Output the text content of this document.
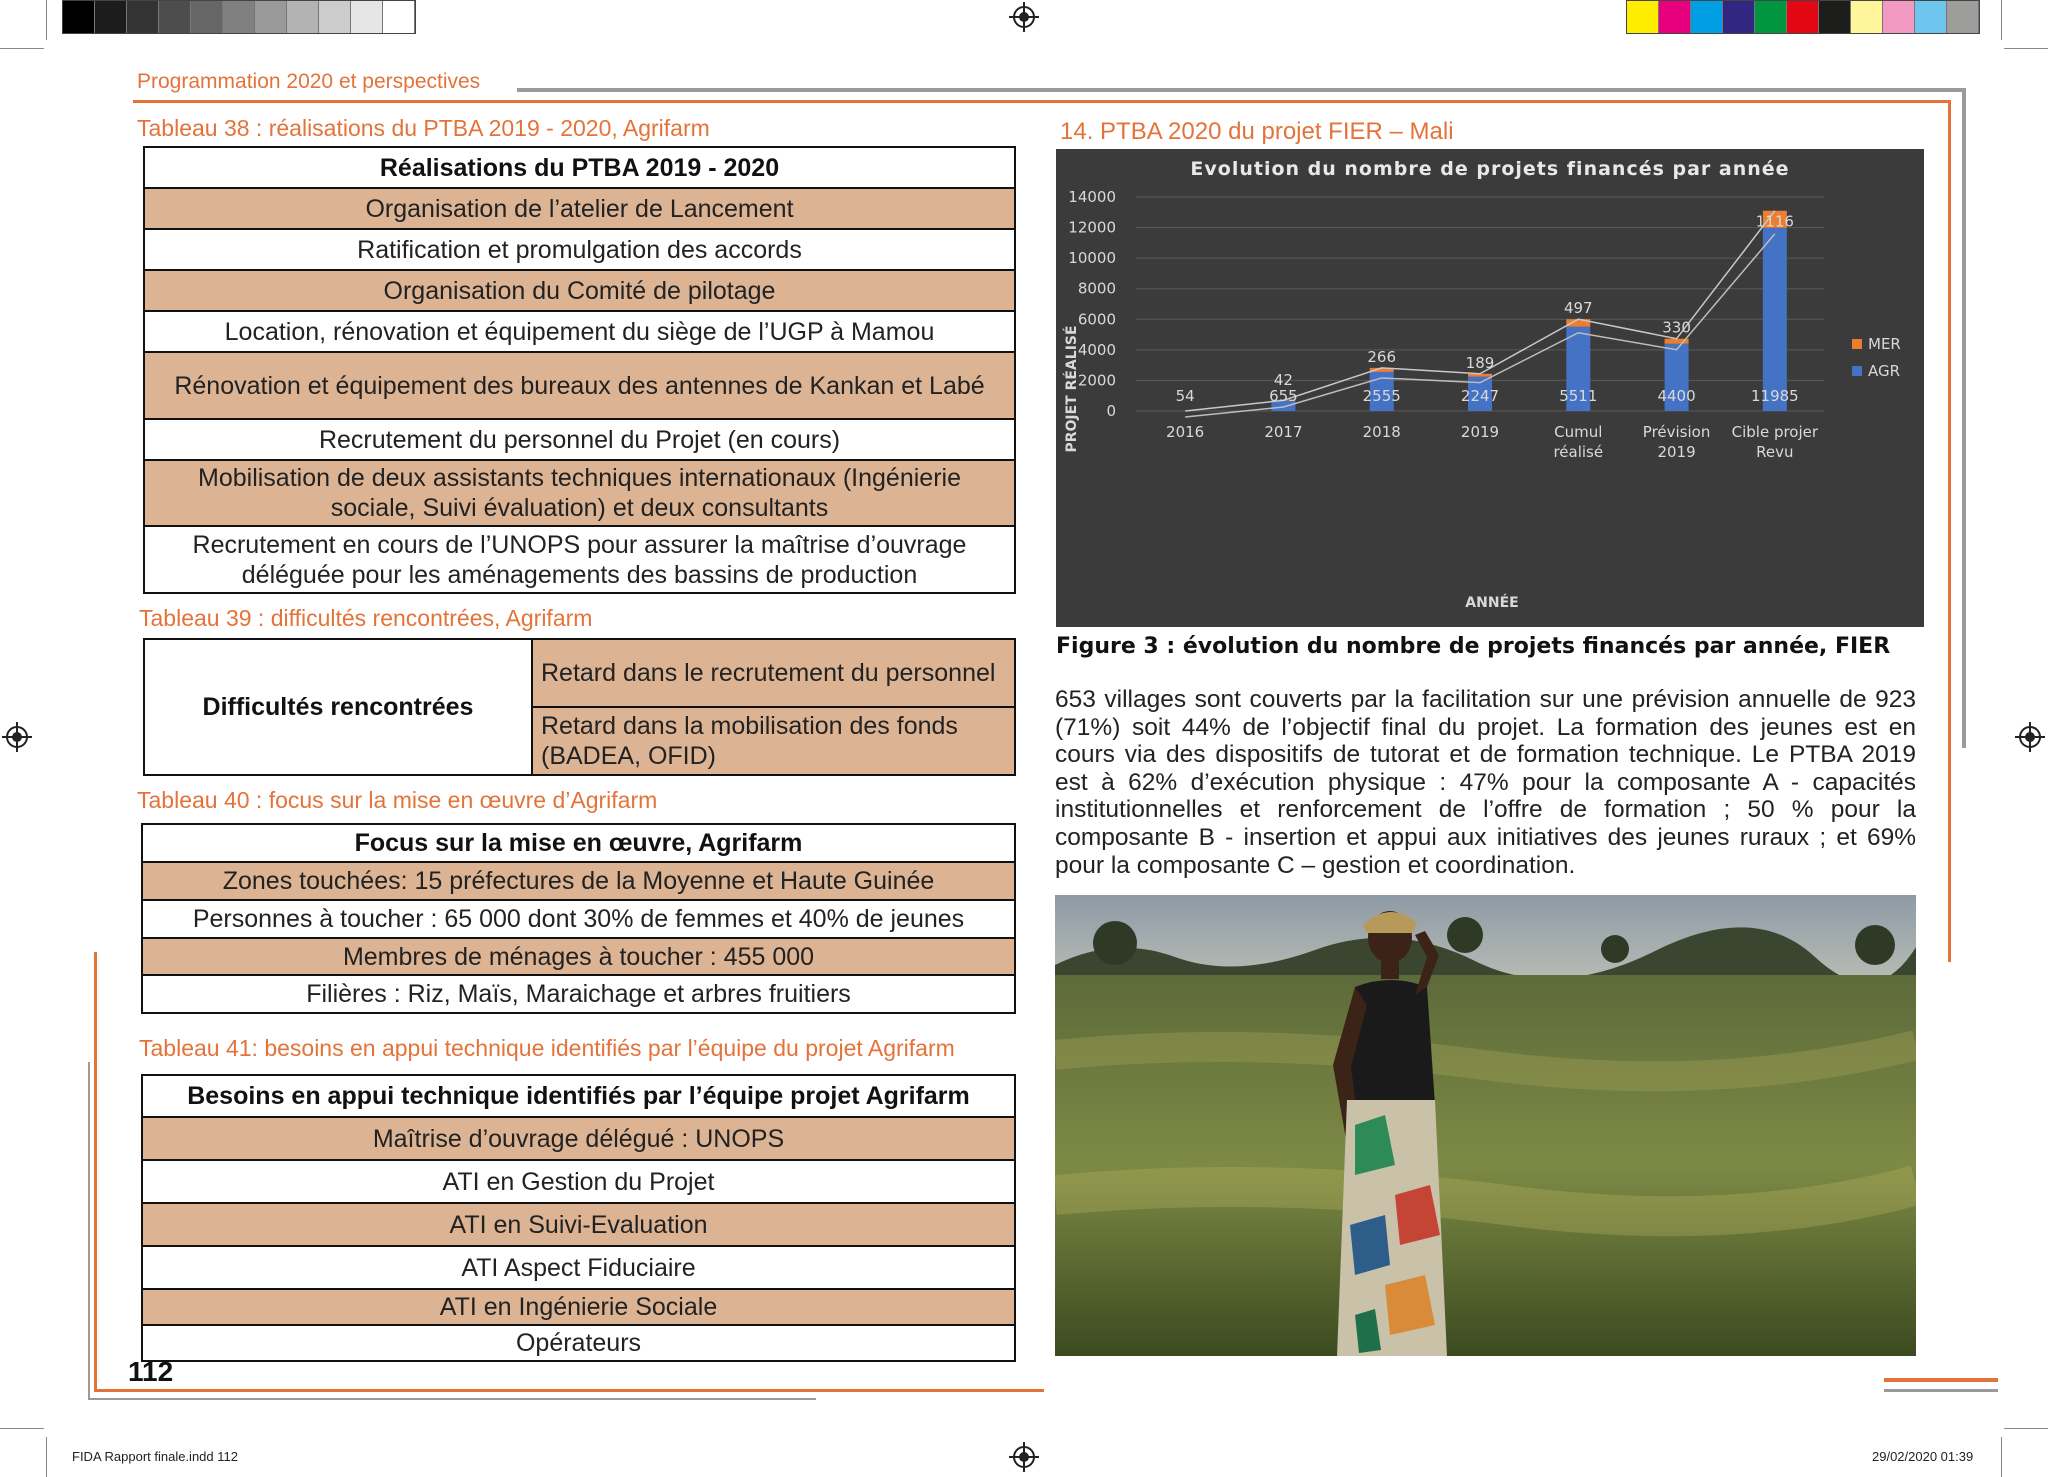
Programmation 2020 et perspectives
Tableau 38 : réalisations du PTBA 2019 - 2020, Agrifarm
Réalisations du PTBA 2019 - 2020
Organisation de l’atelier de Lancement
Ratification et promulgation des accords
Organisation du Comité de pilotage
Location, rénovation et équipement du siège de l’UGP à Mamou
Rénovation et équipement des bureaux des antennes de Kankan et Labé
Recrutement du personnel du Projet (en cours)
Mobilisation de deux assistants techniques internationaux (Ingénierie sociale, Suivi évaluation) et deux consultants
Recrutement en cours de l’UNOPS pour assurer la maîtrise d’ouvrage déléguée pour les aménagements des bassins de production
Tableau 39 : difficultés rencontrées, Agrifarm
Difficultés rencontrées	Retard dans le recrutement du personnel
Retard dans la mobilisation des fonds (BADEA, OFID)
Tableau 40 : focus sur la mise en œuvre d’Agrifarm
Focus sur la mise en œuvre, Agrifarm
Zones touchées: 15 préfectures de la Moyenne et Haute Guinée
Personnes à toucher : 65 000 dont 30% de femmes et 40% de jeunes
Membres de ménages à toucher : 455 000
Filières : Riz, Maïs, Maraichage et arbres fruitiers
Tableau 41: besoins en appui technique identifiés par l’équipe du projet Agrifarm
Besoins en appui technique identifiés par l’équipe projet Agrifarm
Maîtrise d’ouvrage délégué : UNOPS
ATI en Gestion du Projet
ATI en Suivi-Evaluation
ATI Aspect Fiduciaire
ATI en Ingénierie Sociale
Opérateurs
112
14. PTBA 2020 du projet FIER – Mali
Evolution du nombre de projets financés par année
PROJET RÉALISÉ
ANNÉE
0
2000
4000
6000
8000
10000
12000
14000
54	655
42
2555
266
2247
189
5511
497
4400
330
11985
1116
2016	2017	2018	2019	Cumul
réalisé
Prévision
2019
Cible projer
Revu
MER
AGR
Figure 3 : évolution du nombre de projets financés par année, FIER
653 villages sont couverts par la facilitation sur une prévision annuelle de 923 (71%) soit 44% de l’objectif final du projet. La formation des jeunes est en cours via des dispositifs de tutorat et de formation technique. Le PTBA 2019 est à 62% d’exécution physique : 47% pour la composante A - capacités institutionnelles et renforcement de l’offre de formation ; 50 % pour la composante B - insertion et appui aux initiatives des jeunes ruraux ; et 69% pour la composante C – gestion et coordination.
FIDA Rapport finale.indd 112	29/02/2020 01:39
